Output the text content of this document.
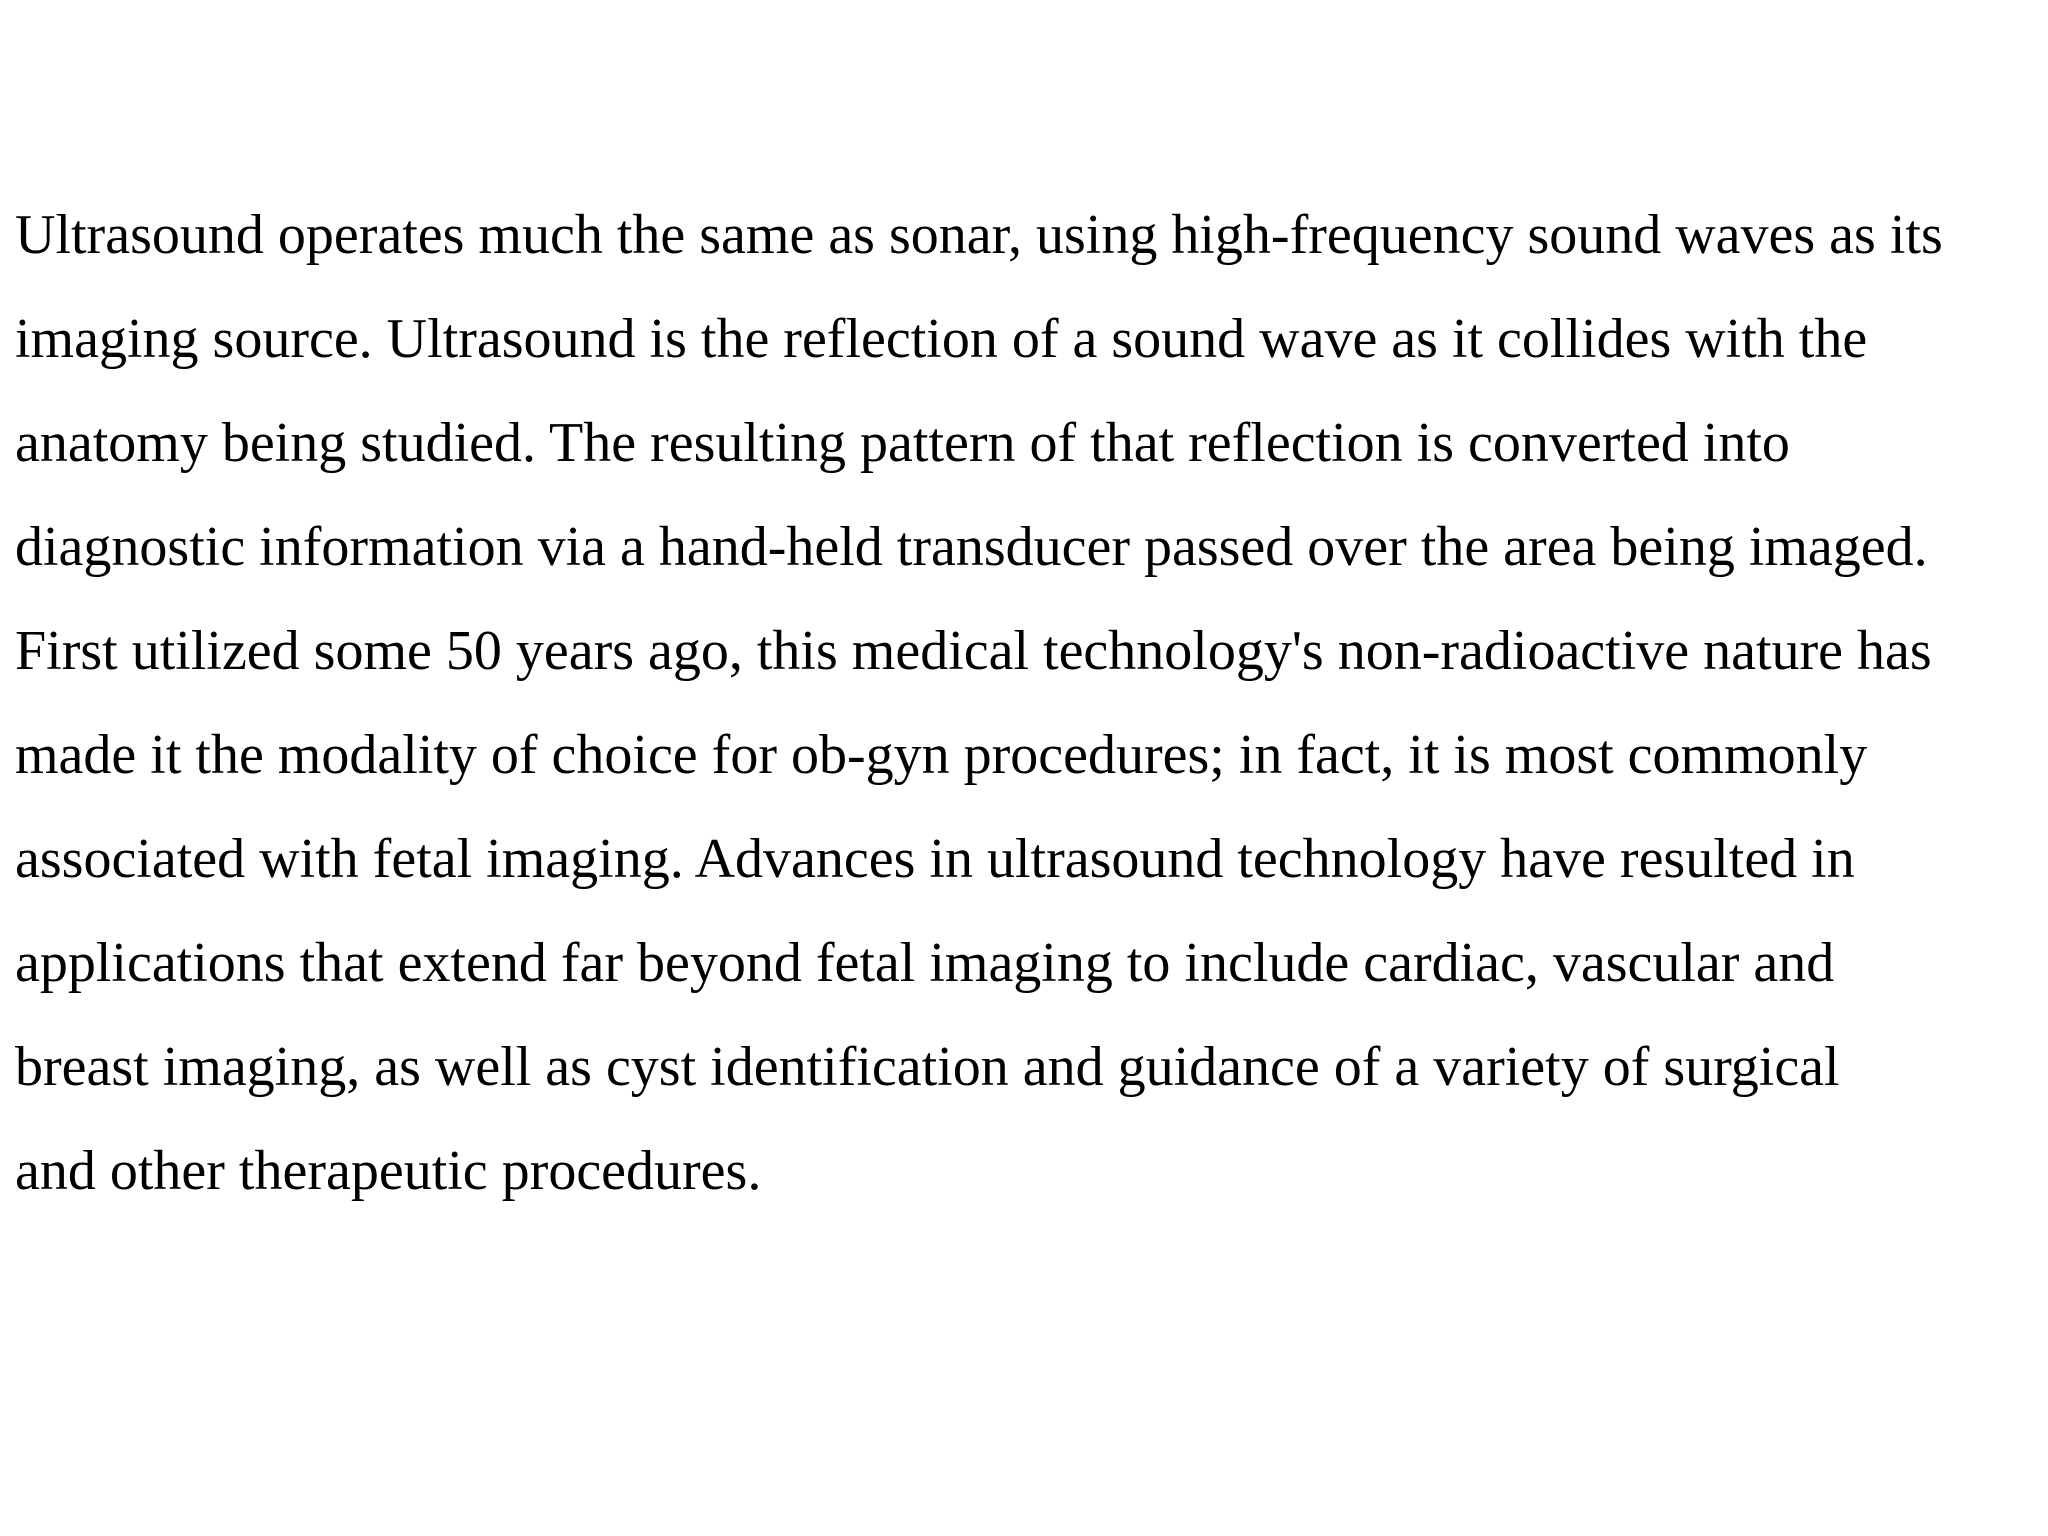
Ultrasound operates much the same as sonar, using high-frequency sound waves as its
imaging source. Ultrasound is the reflection of a sound wave as it collides with the
anatomy being studied. The resulting pattern of that reflection is converted into
diagnostic information via a hand-held transducer passed over the area being imaged.
First utilized some 50 years ago, this medical technology's non-radioactive nature has
made it the modality of choice for ob-gyn procedures; in fact, it is most commonly
associated with fetal imaging. Advances in ultrasound technology have resulted in
applications that extend far beyond fetal imaging to include cardiac, vascular and
breast imaging, as well as cyst identification and guidance of a variety of surgical
and other therapeutic procedures.
